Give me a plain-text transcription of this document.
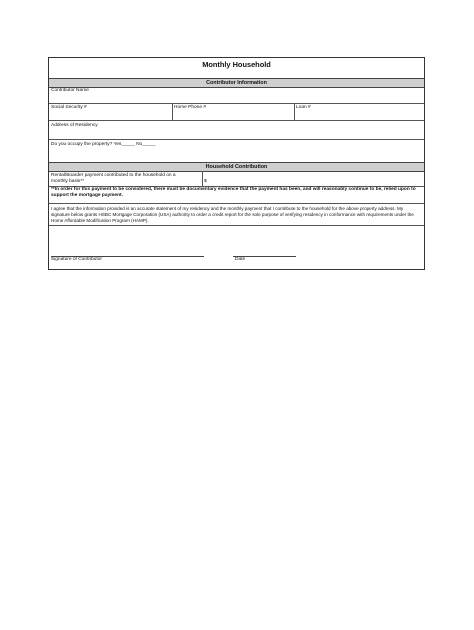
Monthly Household
Contributor Information
Contributor Name
Social Security #	Home Phone #	Loan #
Address of Residency
Do you occupy the property? Yes_____ No_____
Household Contribution
Rental/Boarder payment contributed to the household on a
monthly basis**	$
**In order for this payment to be considered, there must be documentary evidence that the payment has been, and will reasonably continue to be, relied upon to support the mortgage payment.
I agree that the information provided is an accurate statement of my residency and the monthly payment that I contribute to the household for the above property address. My signature below grants HSBC Mortgage Corporation (USA) authority to order a credit report for the sole purpose of verifying residency in conformance with requirements under the Home Affordable Modification Program (HAMP).
Signature of Contributor	Date
